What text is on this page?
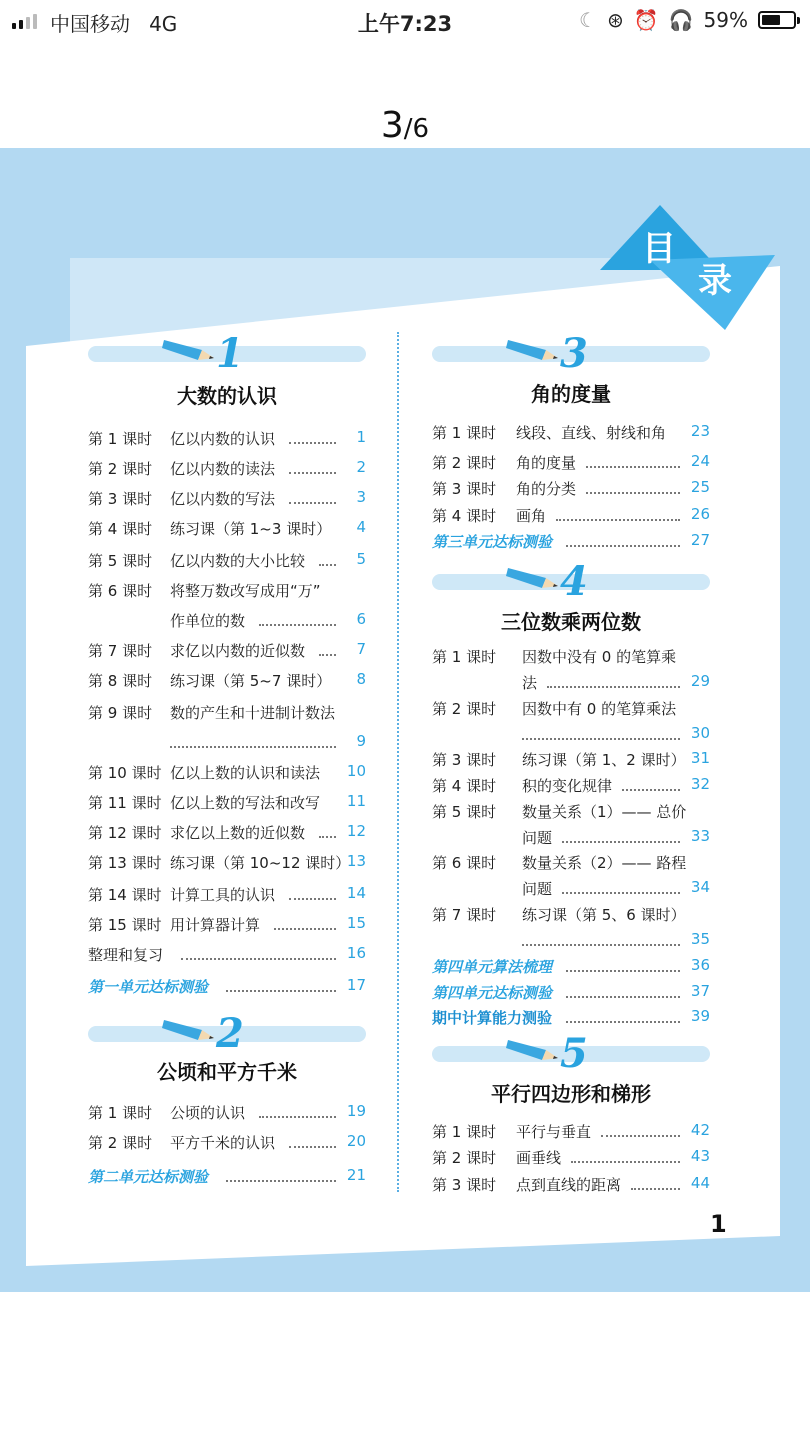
中国移动 4G	上午7:23	☾ ⊛ ⏰ 🎧 59%
3/6
目
录
1
大数的认识
2
公顷和平方千米
3
角的度量
4
三位数乘两位数
5
平行四边形和梯形
第 1 课时 亿以内数的认识	1
第 2 课时 亿以内数的读法	2
第 3 课时 亿以内数的写法	3
第 4 课时 练习课（第 1~3 课时） 4
第 5 课时 亿以内数的大小比较	5
第 6 课时 将整万数改写成用“万”
作单位的数	6
第 7 课时 求亿以内数的近似数	7
第 8 课时 练习课（第 5~7 课时） 8
第 9 课时 数的产生和十进制计数法
9
第 10 课时 亿以上数的认识和读法 10
第 11 课时 亿以上数的写法和改写 11
第 12 课时 求亿以上数的近似数	12
第 13 课时 练习课（第 10~12 课时）
13
第 14 课时 计算工具的认识	14
第 15 课时 用计算器计算	15
整理和复习	16
第一单元达标测验	17
第 1 课时 公顷的认识	19
第 2 课时 平方千米的认识	20
第二单元达标测验	21
第 1 课时 线段、直线、射线和角 23
第 2 课时 角的度量	24
第 3 课时 角的分类	25
第 4 课时 画角	26
第三单元达标测验	27
第 1 课时 因数中没有 0 的笔算乘
法	29
第 2 课时 因数中有 0 的笔算乘法
30
第 3 课时 练习课（第 1、2 课时） 31
第 4 课时 积的变化规律	32
第 5 课时 数量关系（1）—— 总价
问题	33
第 6 课时 数量关系（2）—— 路程
问题	34
第 7 课时 练习课（第 5、6 课时）
35
第四单元算法梳理	36
第四单元达标测验	37
期中计算能力测验	39
第 1 课时 平行与垂直	42
第 2 课时 画垂线	43
第 3 课时 点到直线的距离	44
1
